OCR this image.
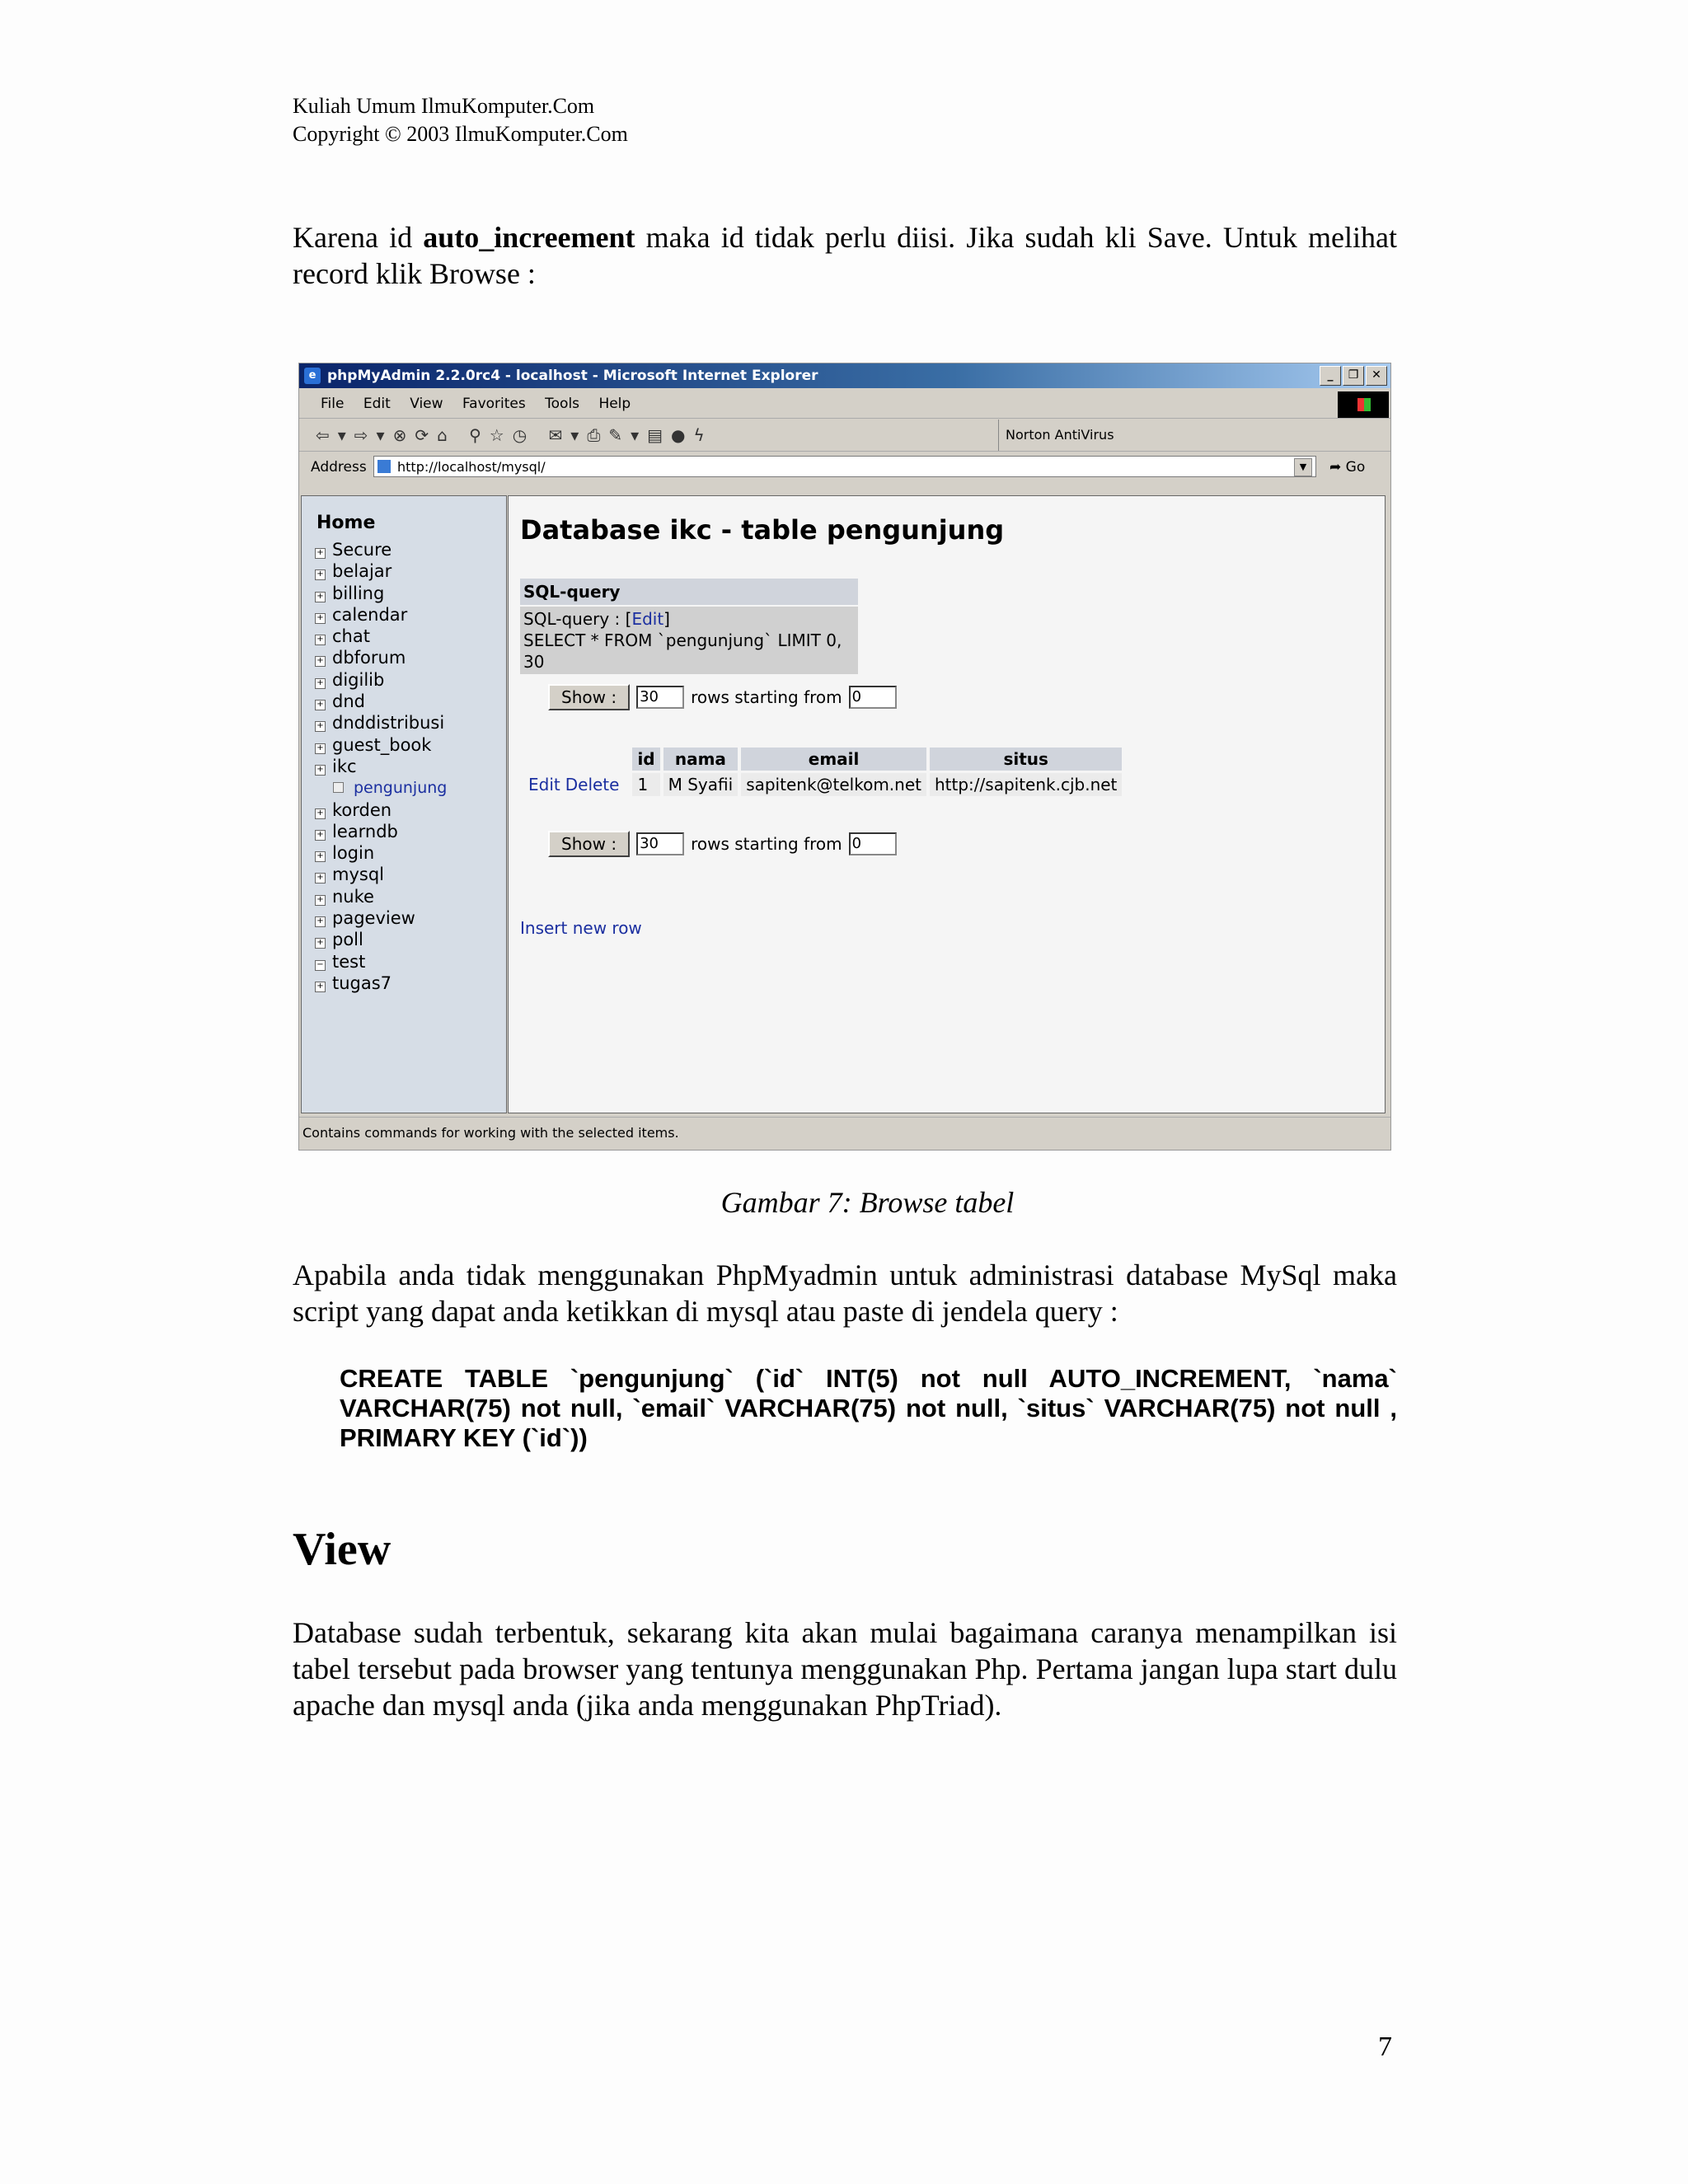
Kuliah Umum IlmuKomputer.Com
Copyright © 2003 IlmuKomputer.Com
Karena id auto_increement maka id tidak perlu diisi. Jika sudah kli Save. Untuk melihat record klik Browse :
e phpMyAdmin 2.2.0rc4 - localhost - Microsoft Internet Explorer	_	❐	✕
File Edit View Favorites Tools Help
⇦▾⇨▾⊗⟳⌂ ⚲☆◷ ✉▾⎙✎▾▤●ϟ	Norton AntiVirus
Address	http://localhost/mysql/	▼	➦ Go
Home
+ Secure
+ belajar
+ billing
+ calendar
+ chat
+ dbforum
+ digilib
+ dnd
+ dnddistribusi
+ guest_book
+ ikc
pengunjung
+ korden
+ learndb
+ login
+ mysql
+ nuke
+ pageview
+ poll
− test
+ tugas7
Database ikc - table pengunjung
SQL-query
SQL-query : [Edit]
SELECT * FROM `pengunjung` LIMIT 0, 30
Show :	30	rows starting from 0
	id	nama	email	situs
Edit Delete	1	M Syafii	sapitenk@telkom.net	http://sapitenk.cjb.net
Show :	30	rows starting from 0
Insert new row
Contains commands for working with the selected items.
Gambar 7: Browse tabel
Apabila anda tidak menggunakan PhpMyadmin untuk administrasi database MySql maka script yang dapat anda ketikkan di mysql atau paste di jendela query :
CREATE TABLE `pengunjung` (`id` INT(5) not null AUTO_INCREMENT, `nama` VARCHAR(75) not null, `email` VARCHAR(75) not null, `situs` VARCHAR(75) not null , PRIMARY KEY (`id`))
View
Database sudah terbentuk, sekarang kita akan mulai bagaimana caranya menampilkan isi tabel tersebut pada browser yang tentunya menggunakan Php. Pertama jangan lupa start dulu apache dan mysql anda (jika anda menggunakan PhpTriad).
7
